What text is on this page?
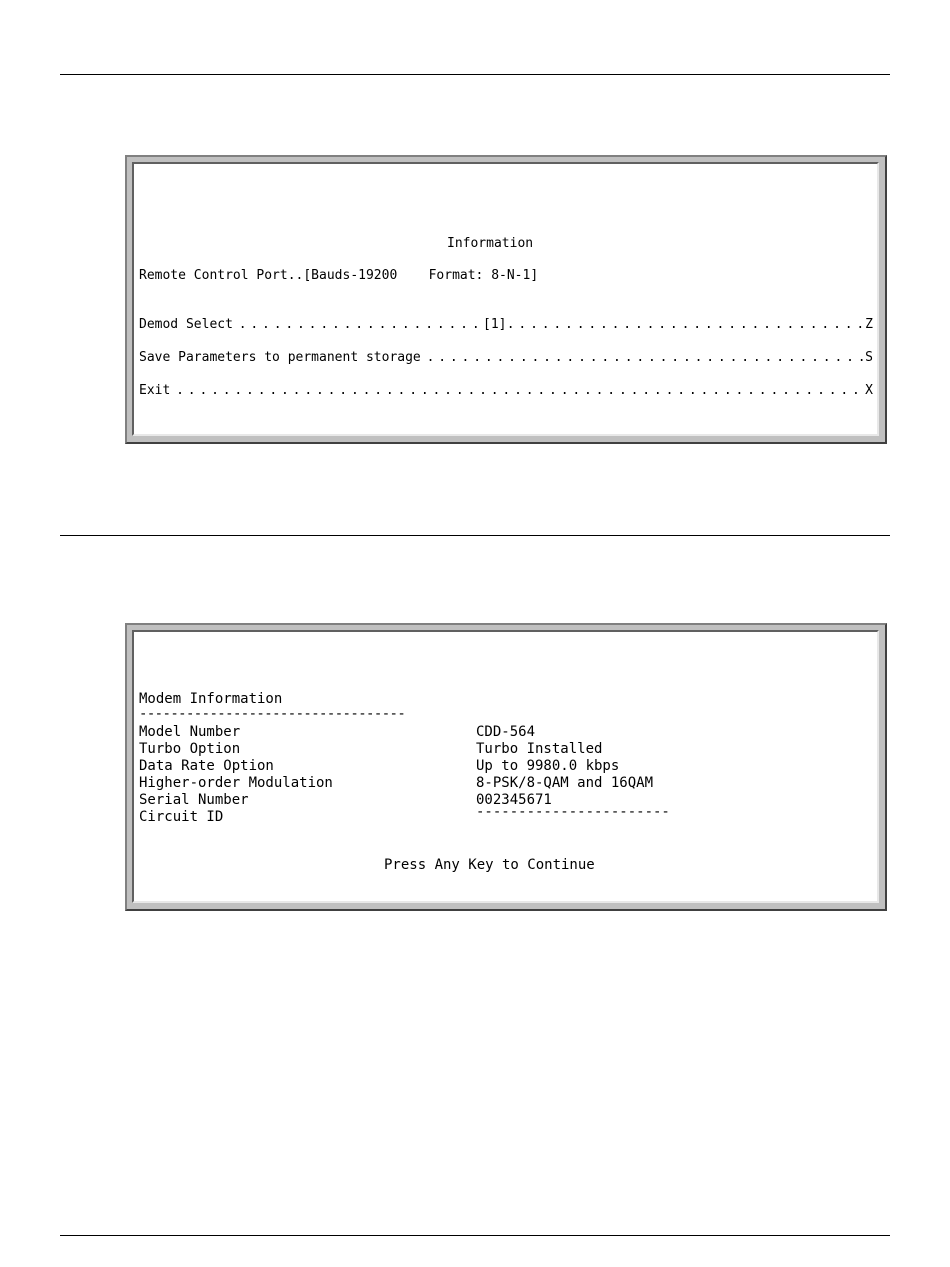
Information
Remote Control Port..[Bauds-19200    Format: 8-N-1]
Demod Select . . .	Z
[1]
Save Parameters to permanent storage . . .	S
Exit . . .	X
Modem Information
----------------------------------
Model Number	CDD-564
Turbo Option	Turbo Installed
Data Rate Option	Up to 9980.0 kbps
Higher-order Modulation	8-PSK/8-QAM and 16QAM
Serial Number	002345671
Circuit ID	-----------------------
Press Any Key to Continue
